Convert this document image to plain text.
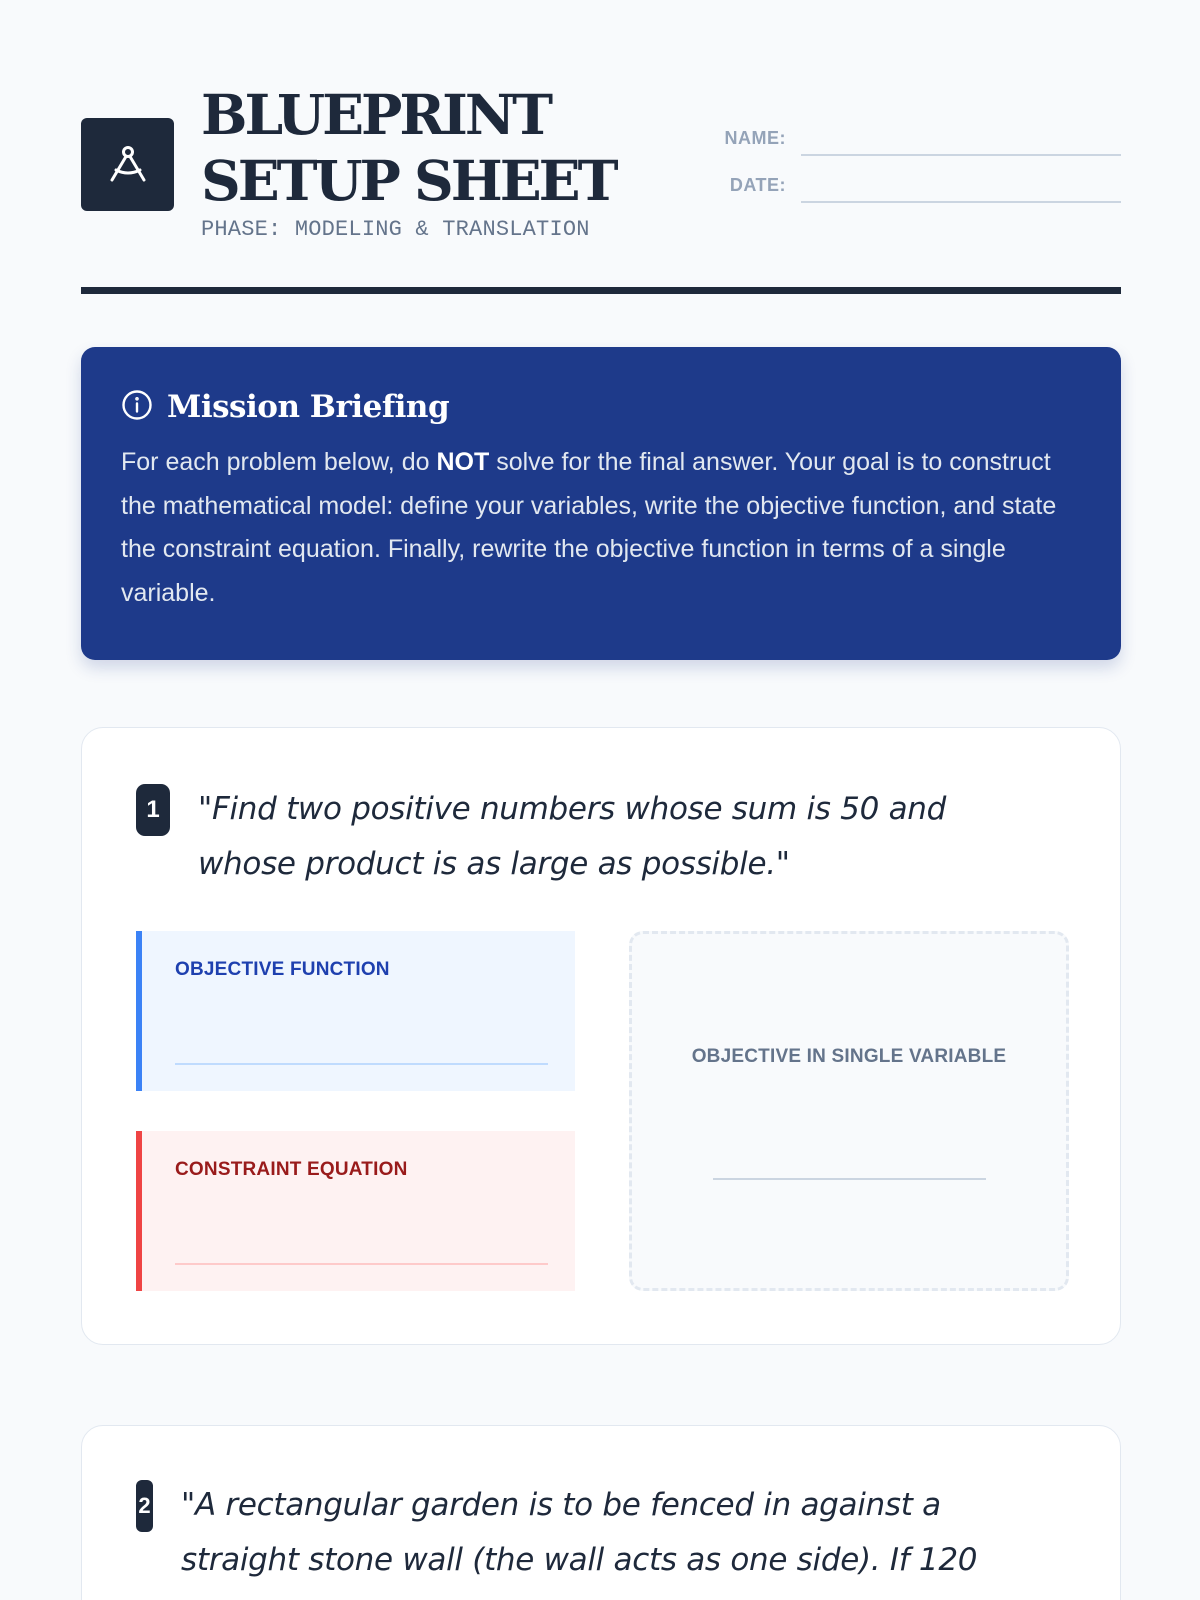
BLUEPRINT
SETUP SHEET
PHASE: MODELING & TRANSLATION
NAME:
DATE:
Mission Briefing

For each problem below, do NOT solve for the final answer. Your goal is to construct the mathematical model: define your variables, write the objective function, and state the constraint equation. Finally, rewrite the objective function in terms of a single variable.

1	"Find two positive numbers whose sum is 50 and whose product is as large as possible."

OBJECTIVE FUNCTION
CONSTRAINT EQUATION
OBJECTIVE IN SINGLE VARIABLE
2 "A rectangular garden is to be fenced in against a straight stone wall (the wall acts as one side). If 120
